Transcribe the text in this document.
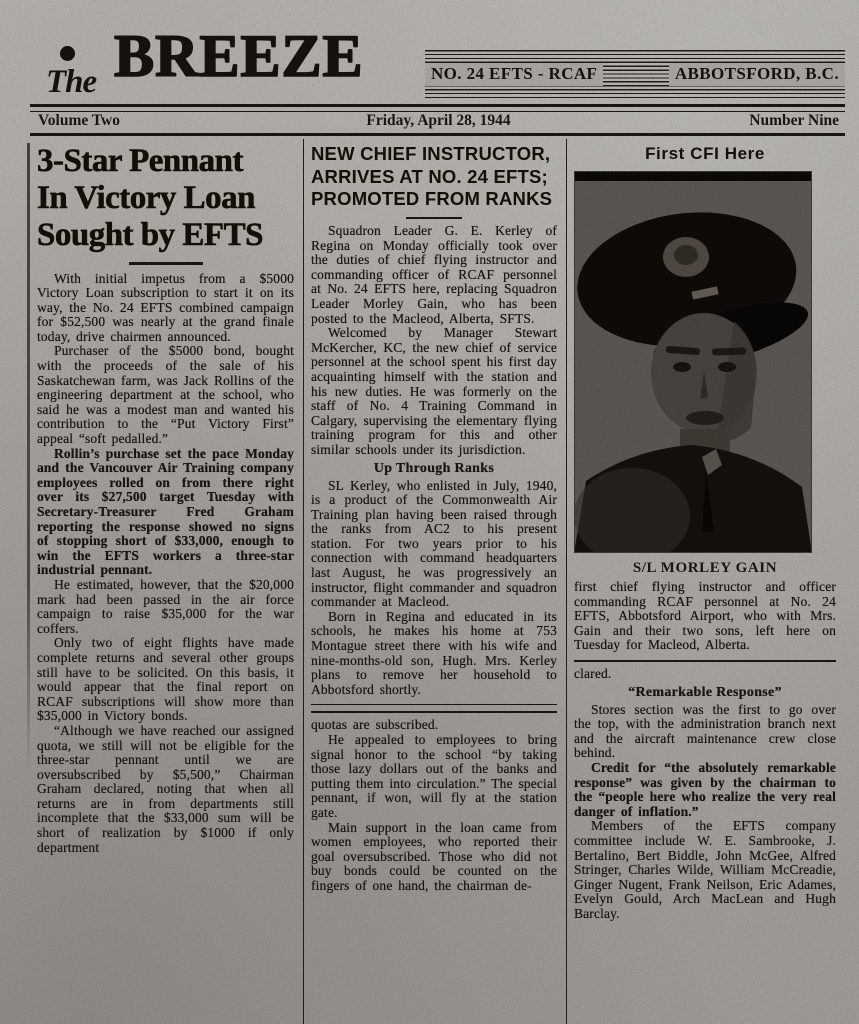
The BREEZE	NO. 24 EFTS - RCAF	ABBOTSFORD, B.C.
Volume Two	Friday, April 28, 1944	Number Nine
3-Star Pennant
In Victory Loan
Sought by EFTS

With initial impetus from a $5000 Victory Loan subscription to start it on its way, the No. 24 EFTS combined campaign for $52,500 was nearly at the grand finale today, drive chairmen announced.

Purchaser of the $5000 bond, bought with the proceeds of the sale of his Saskatchewan farm, was Jack Rollins of the engineering department at the school, who said he was a modest man and wanted his contribution to the “Put Victory First” appeal “soft pedalled.”

Rollin’s purchase set the pace Monday and the Vancouver Air Training company employees rolled on from there right over its $27,500 target Tuesday with Secretary-Treasurer Fred Graham reporting the response showed no signs of stopping short of $33,000, enough to win the EFTS workers a three-star industrial pennant.

He estimated, however, that the $20,000 mark had been passed in the air force campaign to raise $35,000 for the war coffers.

Only two of eight flights have made complete returns and several other groups still have to be solicited. On this basis, it would appear that the final report on RCAF subscriptions will show more than $35,000 in Victory bonds.

“Although we have reached our assigned quota, we still will not be eligible for the three-star pennant until we are oversubscribed by $5,500,” Chairman Graham declared, noting that when all returns are in from departments still incomplete that the $33,000 sum will be short of realization by $1000 if only department

NEW CHIEF INSTRUCTOR,
ARRIVES AT NO. 24 EFTS;
PROMOTED FROM RANKS

Squadron Leader G. E. Kerley of Regina on Monday officially took over the duties of chief flying instructor and commanding officer of RCAF personnel at No. 24 EFTS here, replacing Squadron Leader Morley Gain, who has been posted to the Macleod, Alberta, SFTS.

Welcomed by Manager Stewart McKercher, KC, the new chief of service personnel at the school spent his first day acquainting himself with the station and his new duties. He was formerly on the staff of No. 4 Training Command in Calgary, supervising the elementary flying training program for this and other similar schools under its jurisdiction.

Up Through Ranks

SL Kerley, who enlisted in July, 1940, is a product of the Commonwealth Air Training plan having been raised through the ranks from AC2 to his present station. For two years prior to his connection with command headquarters last August, he was progressively an instructor, flight commander and squadron commander at Macleod.

Born in Regina and educated in its schools, he makes his home at 753 Montague street there with his wife and nine-months-old son, Hugh. Mrs. Kerley plans to remove her household to Abbotsford shortly.

quotas are subscribed.

He appealed to employees to bring signal honor to the school “by taking those lazy dollars out of the banks and putting them into circulation.” The special pennant, if won, will fly at the station gate.

Main support in the loan came from women employees, who reported their goal oversubscribed. Those who did not buy bonds could be counted on the fingers of one hand, the chairman de-

First CFI Here
S/L MORLEY GAIN

first chief flying instructor and officer commanding RCAF personnel at No. 24 EFTS, Abbotsford Airport, who with Mrs. Gain and their two sons, left here on Tuesday for Macleod, Alberta.

clared.

“Remarkable Response”

Stores section was the first to go over the top, with the administration branch next and the aircraft maintenance crew close behind.

Credit for “the absolutely remarkable response” was given by the chairman to the “people here who realize the very real danger of inflation.”

Members of the EFTS company committee include W. E. Sambrooke, J. Bertalino, Bert Biddle, John McGee, Alfred Stringer, Charles Wilde, William McCreadie, Ginger Nugent, Frank Neilson, Eric Adames, Evelyn Gould, Arch MacLean and Hugh Barclay.
